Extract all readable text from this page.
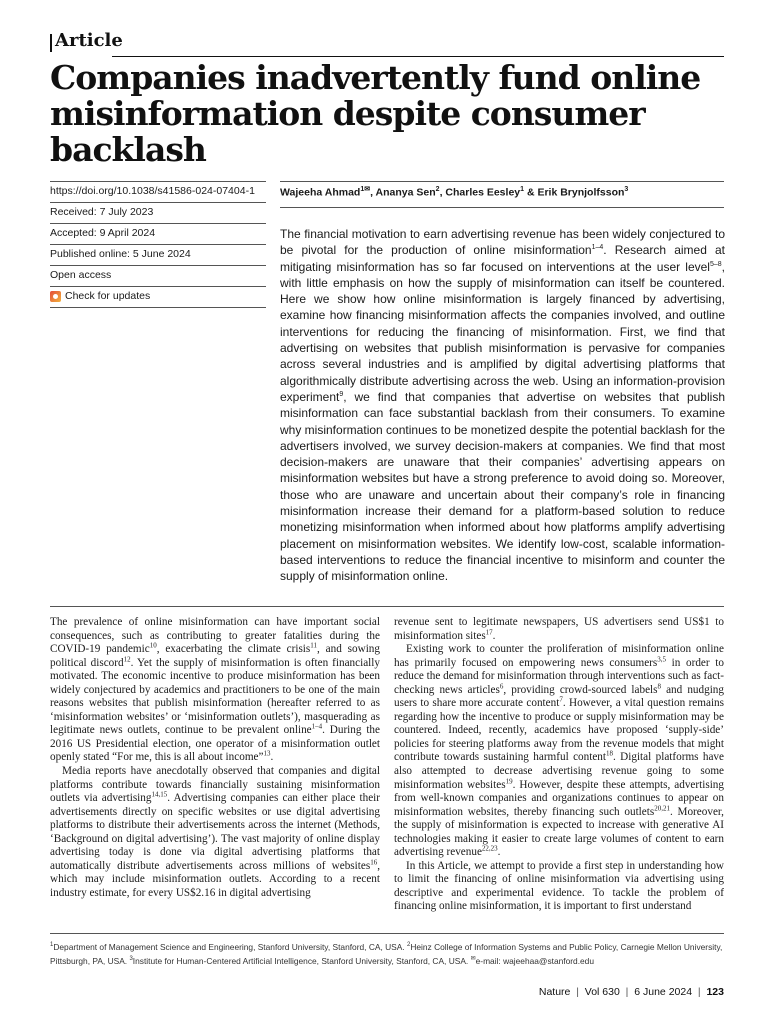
Article
Companies inadvertently fund online misinformation despite consumer backlash
https://doi.org/10.1038/s41586-024-07404-1
Received: 7 July 2023
Accepted: 9 April 2024
Published online: 5 June 2024
Open access
Check for updates
Wajeeha Ahmad$^{1✉}$, Ananya Sen$^2$, Charles Eesley$^1$ & Erik Brynjolfsson$^3$

The financial motivation to earn advertising revenue has been widely conjectured to be pivotal for the production of online misinformation$^{1-4}$. Research aimed at mitigating misinformation has so far focused on interventions at the user level$^{5-8}$, with little emphasis on how the supply of misinformation can itself be countered. Here we show how online misinformation is largely financed by advertising, examine how financing misinformation affects the companies involved, and outline interventions for reducing the financing of misinformation. First, we find that advertising on websites that publish misinformation is pervasive for companies across several industries and is amplified by digital advertising platforms that algorithmically distribute advertising across the web. Using an information-provision experiment$^9$, we find that companies that advertise on websites that publish misinformation can face substantial backlash from their consumers. To examine why misinformation continues to be monetized despite the potential backlash for the advertisers involved, we survey decision-makers at companies. We find that most decision-makers are unaware that their companies’ advertising appears on misinformation websites but have a strong preference to avoid doing so. Moreover, those who are unaware and uncertain about their company’s role in financing misinformation increase their demand for a platform-based solution to reduce monetizing misinformation when informed about how platforms amplify advertising placement on misinformation websites. We identify low-cost, scalable information-based interventions to reduce the financial incentive to misinform and counter the supply of misinformation online.

The prevalence of online misinformation can have important social consequences, such as contributing to greater fatalities during the COVID-19 pandemic$^{10}$, exacerbating the climate crisis$^{11}$, and sowing political discord$^{12}$. Yet the supply of misinformation is often financially motivated. The economic incentive to produce misinformation has been widely conjectured by academics and practitioners to be one of the main reasons websites that publish misinformation (hereafter referred to as ‘misinformation websites’ or ‘misinformation outlets’), masquerading as legitimate news outlets, continue to be prevalent online$^{1-4}$. During the 2016 US Presidential election, one operator of a misinformation outlet openly stated “For me, this is all about income”$^{13}$.

Media reports have anecdotally observed that companies and digital platforms contribute towards financially sustaining misinformation outlets via advertising$^{14,15}$. Advertising companies can either place their advertisements directly on specific websites or use digital advertising platforms to distribute their advertisements across the internet (Methods, ‘Background on digital advertising’). The vast majority of online display advertising today is done via digital advertising platforms that automatically distribute advertisements across millions of websites$^{16}$, which may include misinformation outlets. According to a recent industry estimate, for every US$2.16 in digital advertising

revenue sent to legitimate newspapers, US advertisers send US$1 to misinformation sites$^{17}$.

Existing work to counter the proliferation of misinformation online has primarily focused on empowering news consumers$^{3,5}$ in order to reduce the demand for misinformation through interventions such as fact-checking news articles$^6$, providing crowd-sourced labels$^8$ and nudging users to share more accurate content$^7$. However, a vital question remains regarding how the incentive to produce or supply misinformation may be countered. Indeed, recently, academics have proposed ‘supply-side’ policies for steering platforms away from the revenue models that might contribute towards sustaining harmful content$^{18}$. Digital platforms have also attempted to decrease advertising revenue going to some misinformation websites$^{19}$. However, despite these attempts, advertising from well-known companies and organizations continues to appear on misinformation websites, thereby financing such outlets$^{20,21}$. Moreover, the supply of misinformation is expected to increase with generative AI technologies making it easier to create large volumes of content to earn advertising revenue$^{22,23}$.

In this Article, we attempt to provide a first step in understanding how to limit the financing of online misinformation via advertising using descriptive and experimental evidence. To tackle the problem of financing online misinformation, it is important to first understand

$^1$Department of Management Science and Engineering, Stanford University, Stanford, CA, USA. $^2$Heinz College of Information Systems and Public Policy, Carnegie Mellon University, Pittsburgh, PA, USA. $^3$Institute for Human-Centered Artificial Intelligence, Stanford University, Stanford, CA, USA. ✉e-mail: wajeehaa@stanford.edu
Nature  |  Vol 630  |  6 June 2024  |  123
